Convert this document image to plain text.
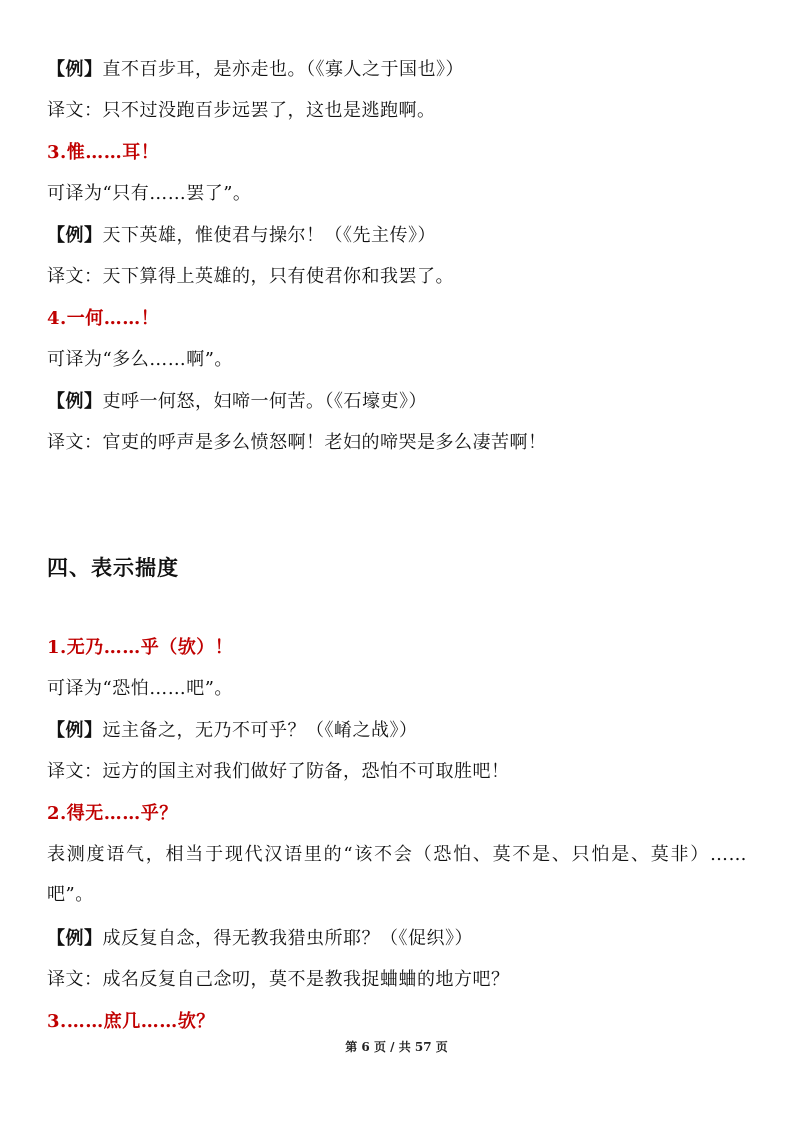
【例】直不百步耳，是亦走也。（《寡人之于国也》）
译文：只不过没跑百步远罢了，这也是逃跑啊。
3.惟……耳！
可译为“只有……罢了”。
【例】天下英雄，惟使君与操尔！（《先主传》）
译文：天下算得上英雄的，只有使君你和我罢了。
4.一何……！
可译为“多么……啊”。
【例】吏呼一何怒，妇啼一何苦。（《石壕吏》）
译文：官吏的呼声是多么愤怒啊！老妇的啼哭是多么凄苦啊！
四、表示揣度
1.无乃……乎（欤）！
可译为“恐怕……吧”。
【例】远主备之，无乃不可乎？（《崤之战》）
译文：远方的国主对我们做好了防备，恐怕不可取胜吧！
2.得无……乎？
表测度语气，相当于现代汉语里的“该不会（恐怕、莫不是、只怕是、莫非）……吧”。
【例】成反复自念，得无教我猎虫所耶？（《促织》）
译文：成名反复自己念叨，莫不是教我捉蛐蛐的地方吧？
3.……庶几……欤？
第 6 页 / 共 57 页
